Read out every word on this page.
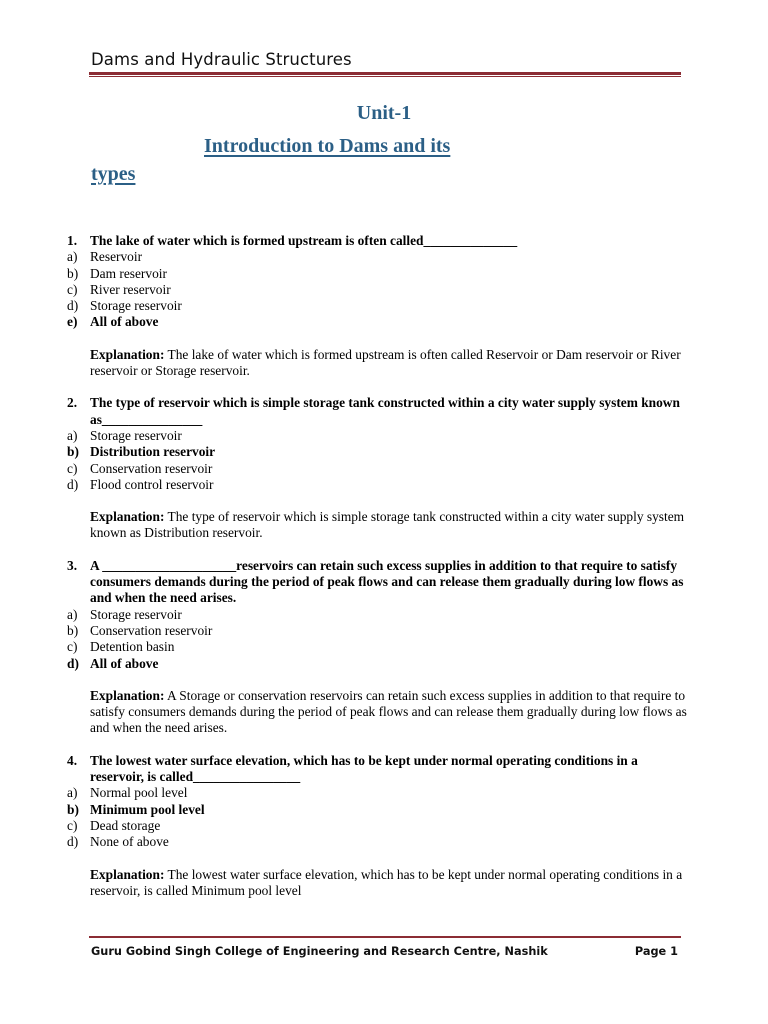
Dams and Hydraulic Structures
Unit-1
Introduction to Dams and its
types
1. The lake of water which is formed upstream is often called______________
a) Reservoir
b) Dam reservoir
c) River reservoir
d) Storage reservoir
e) All of above
Explanation: The lake of water which is formed upstream is often called Reservoir or Dam reservoir or River reservoir or Storage reservoir.
2. The type of reservoir which is simple storage tank constructed within a city water supply system known as_______________
a) Storage reservoir
b) Distribution reservoir
c) Conservation reservoir
d) Flood control reservoir
Explanation: The type of reservoir which is simple storage tank constructed within a city water supply system known as Distribution reservoir.
3. A ____________________reservoirs can retain such excess supplies in addition to that require to satisfy consumers demands during the period of peak flows and can release them gradually during low flows as and when the need arises.
a) Storage reservoir
b) Conservation reservoir
c) Detention basin
d) All of above
Explanation: A Storage or conservation reservoirs can retain such excess supplies in addition to that require to satisfy consumers demands during the period of peak flows and can release them gradually during low flows as and when the need arises.
4. The lowest water surface elevation, which has to be kept under normal operating conditions in a reservoir, is called________________
a) Normal pool level
b) Minimum pool level
c) Dead storage
d) None of above
Explanation: The lowest water surface elevation, which has to be kept under normal operating conditions in a reservoir, is called Minimum pool level
Guru Gobind Singh College of Engineering and Research Centre, Nashik	Page 1
